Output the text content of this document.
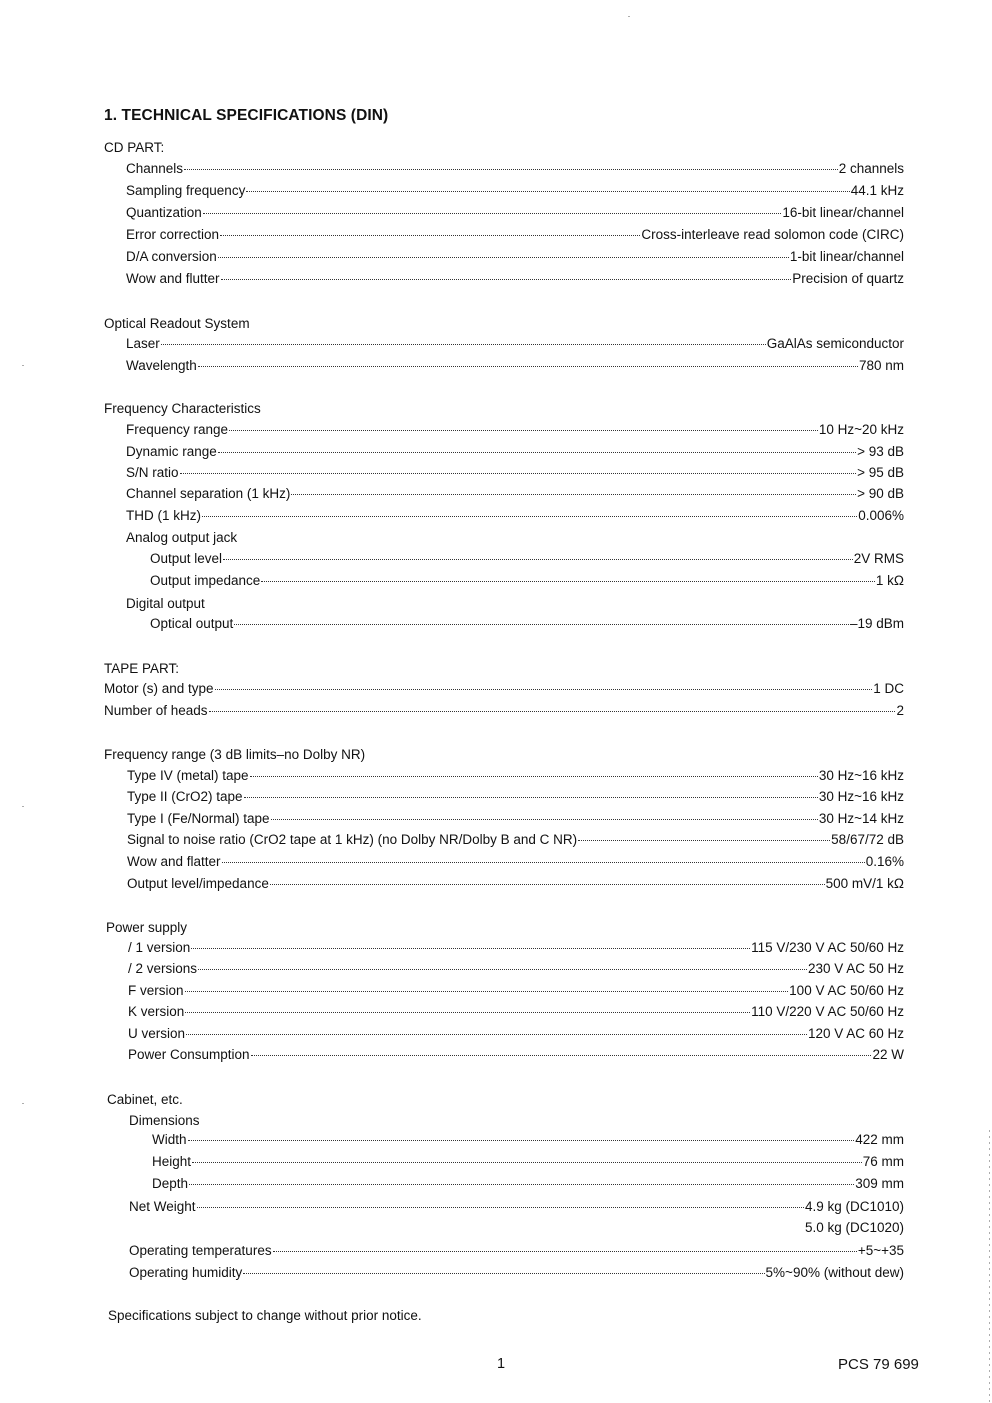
1. TECHNICAL SPECIFICATIONS (DIN)
CD PART:
Channels	2 channels
Sampling frequency	44.1 kHz
Quantization	16-bit linear/channel
Error correction	Cross-interleave read solomon code (CIRC)
D/A conversion	1-bit linear/channel
Wow and flutter	Precision of quartz
Optical Readout System
Laser	GaAlAs semiconductor
Wavelength	780 nm
Frequency Characteristics
Frequency range	10 Hz~20 kHz
Dynamic range	> 93 dB
S/N ratio	> 95 dB
Channel separation (1 kHz)	> 90 dB
THD (1 kHz)	0.006%
Analog output jack
Output level	2V RMS
Output impedance	1 kΩ
Digital output
Optical output	–19 dBm
TAPE PART:
Motor (s) and type	1 DC
Number of heads	2
Frequency range (3 dB limits–no Dolby NR)
Type IV (metal) tape	30 Hz~16 kHz
Type II (CrO2) tape	30 Hz~16 kHz
Type I (Fe/Normal) tape	30 Hz~14 kHz
Signal to noise ratio (CrO2 tape at 1 kHz) (no Dolby NR/Dolby B and C NR)	58/67/72 dB
Wow and flatter	0.16%
Output level/impedance	500 mV/1 kΩ
Power supply
/ 1 version	115 V/230 V AC 50/60 Hz
/ 2 versions	230 V AC 50 Hz
F version	100 V AC 50/60 Hz
K version	110 V/220 V AC 50/60 Hz
U version	120 V AC 60 Hz
Power Consumption	22 W
Cabinet, etc.
Dimensions
Width	422 mm
Height	76 mm
Depth	309 mm
Net Weight	4.9 kg (DC1010)
5.0 kg (DC1020)
Operating temperatures	+5~+35
Operating humidity	5%~90% (without dew)
Specifications subject to change without prior notice.
1	PCS 79 699
